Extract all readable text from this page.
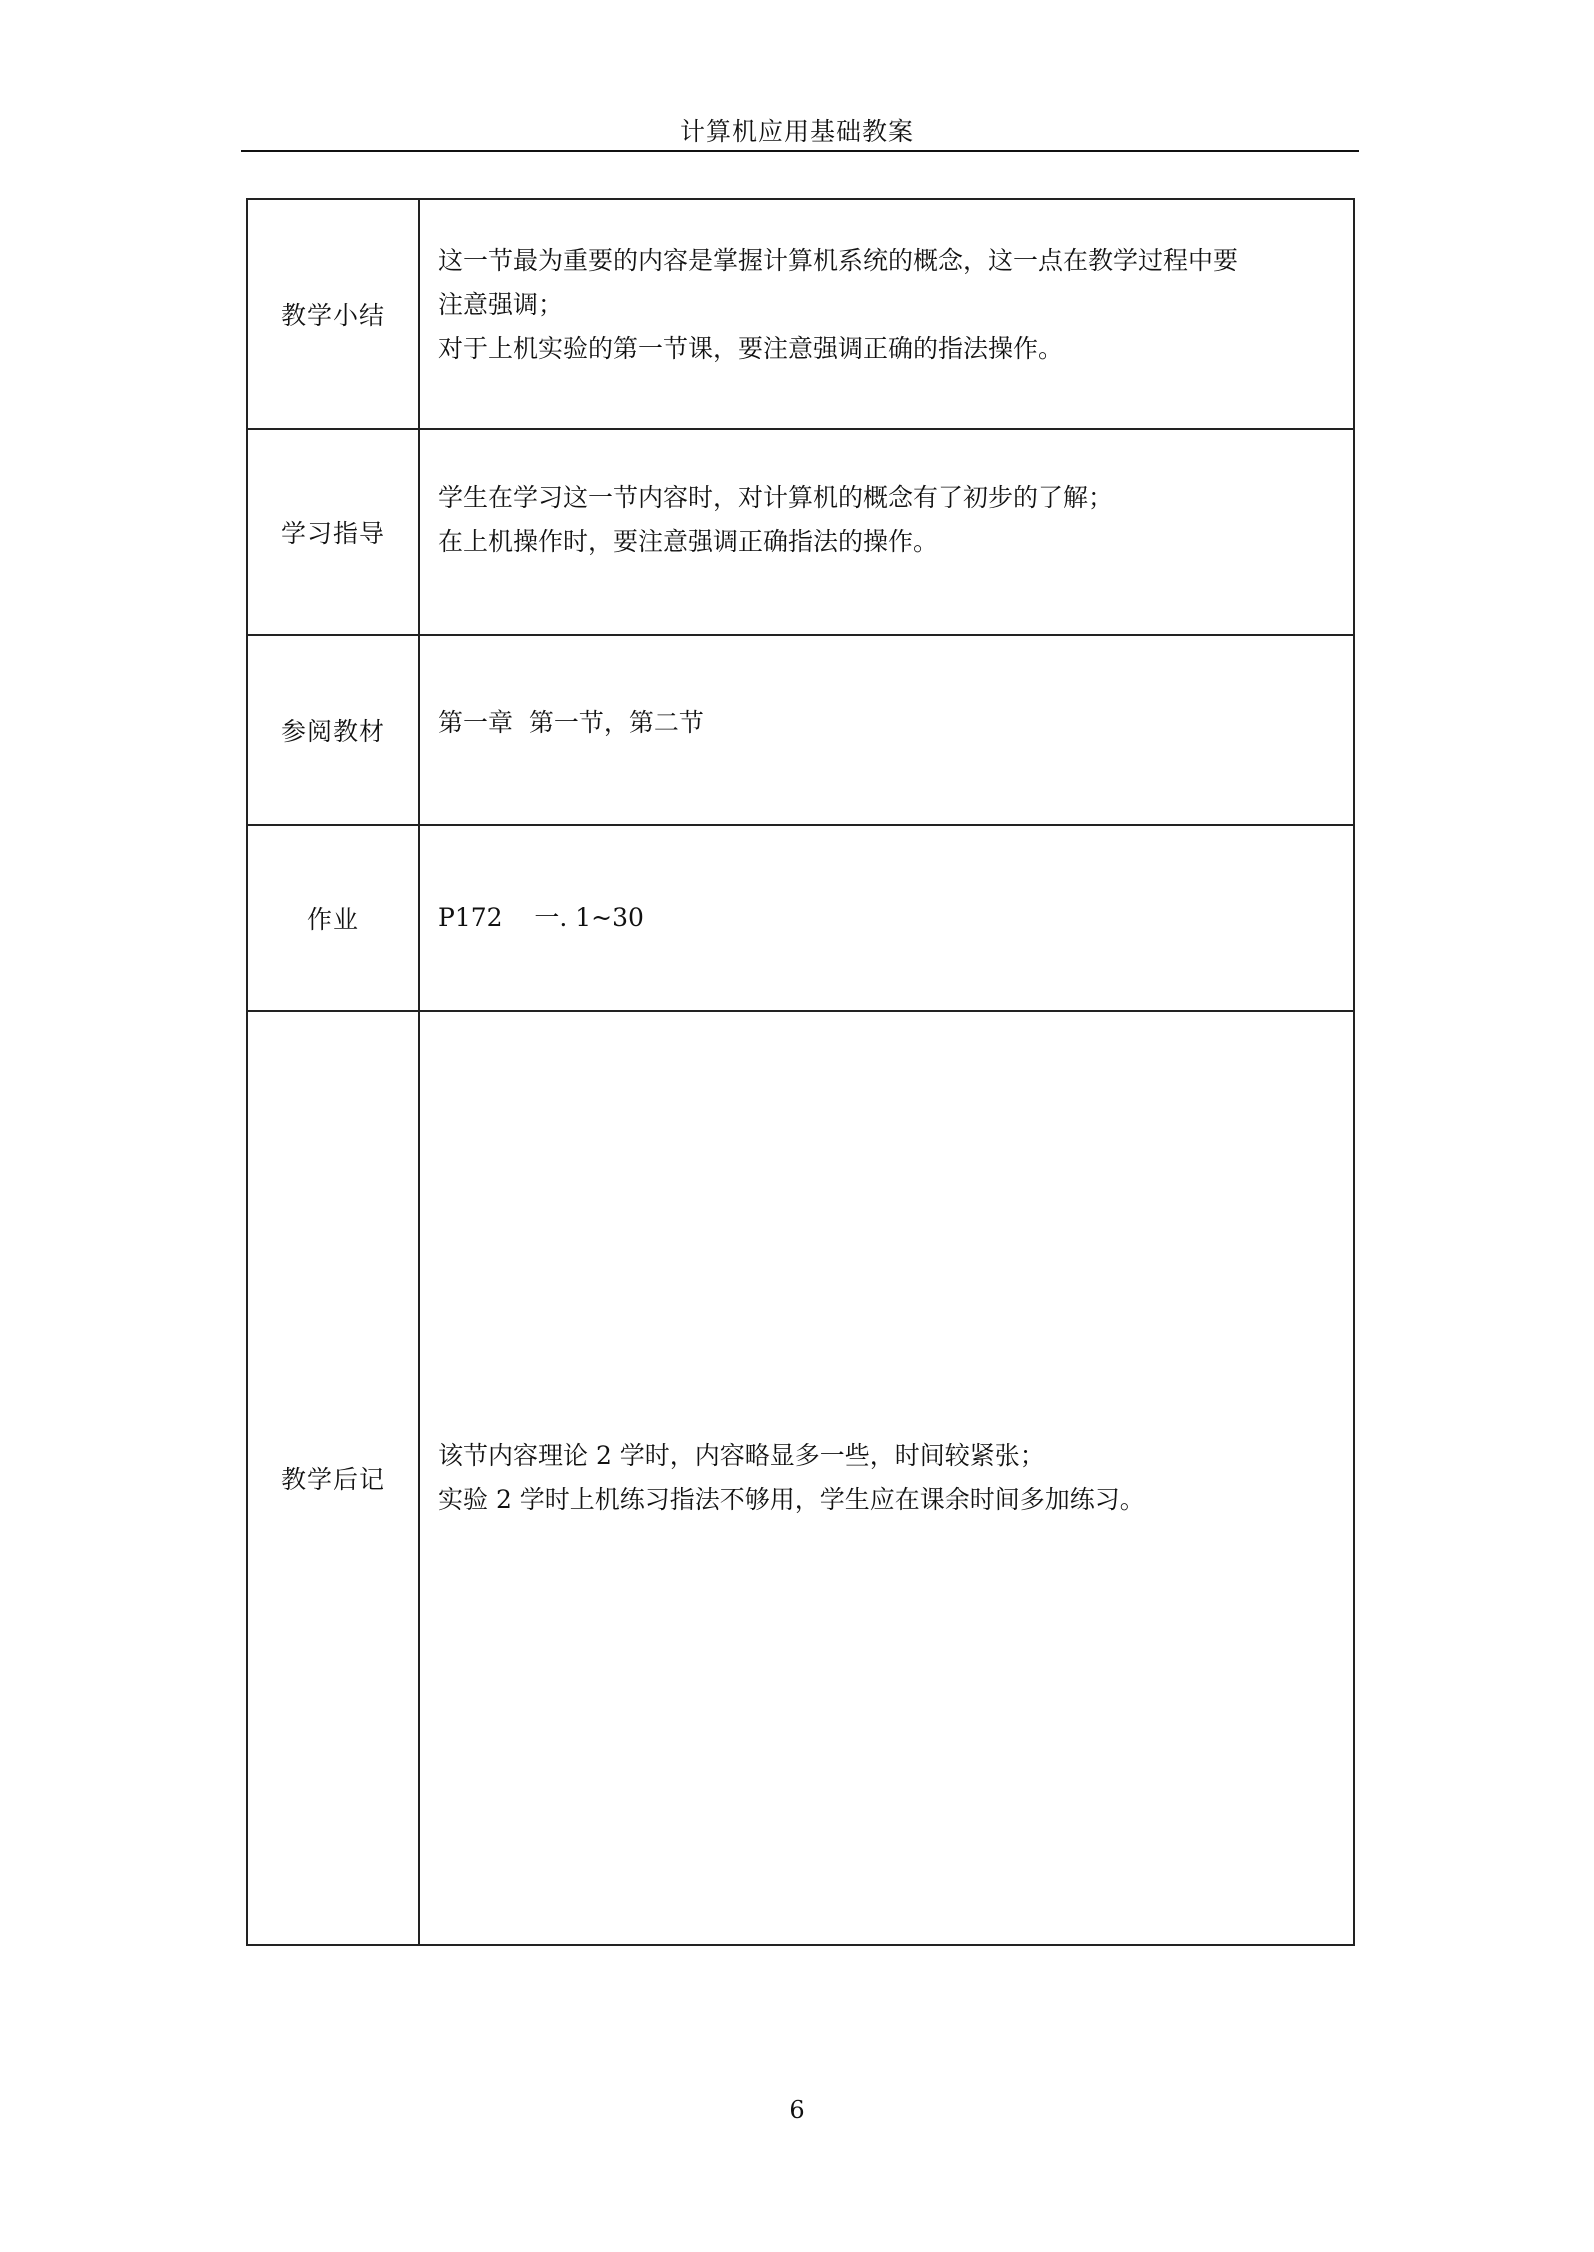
计算机应用基础教案
教学小结	这一节最为重要的内容是掌握计算机系统的概念，这一点在教学过程中要
注意强调；
对于上机实验的第一节课，要注意强调正确的指法操作。

学习指导	学生在学习这一节内容时，对计算机的概念有了初步的了解；
在上机操作时，要注意强调正确指法的操作。

参阅教材	第一章  第一节，第二节

作业	P172    一. 1~30

教学后记	该节内容理论 2 学时，内容略显多一些，时间较紧张；
实验 2 学时上机练习指法不够用，学生应在课余时间多加练习。
6
